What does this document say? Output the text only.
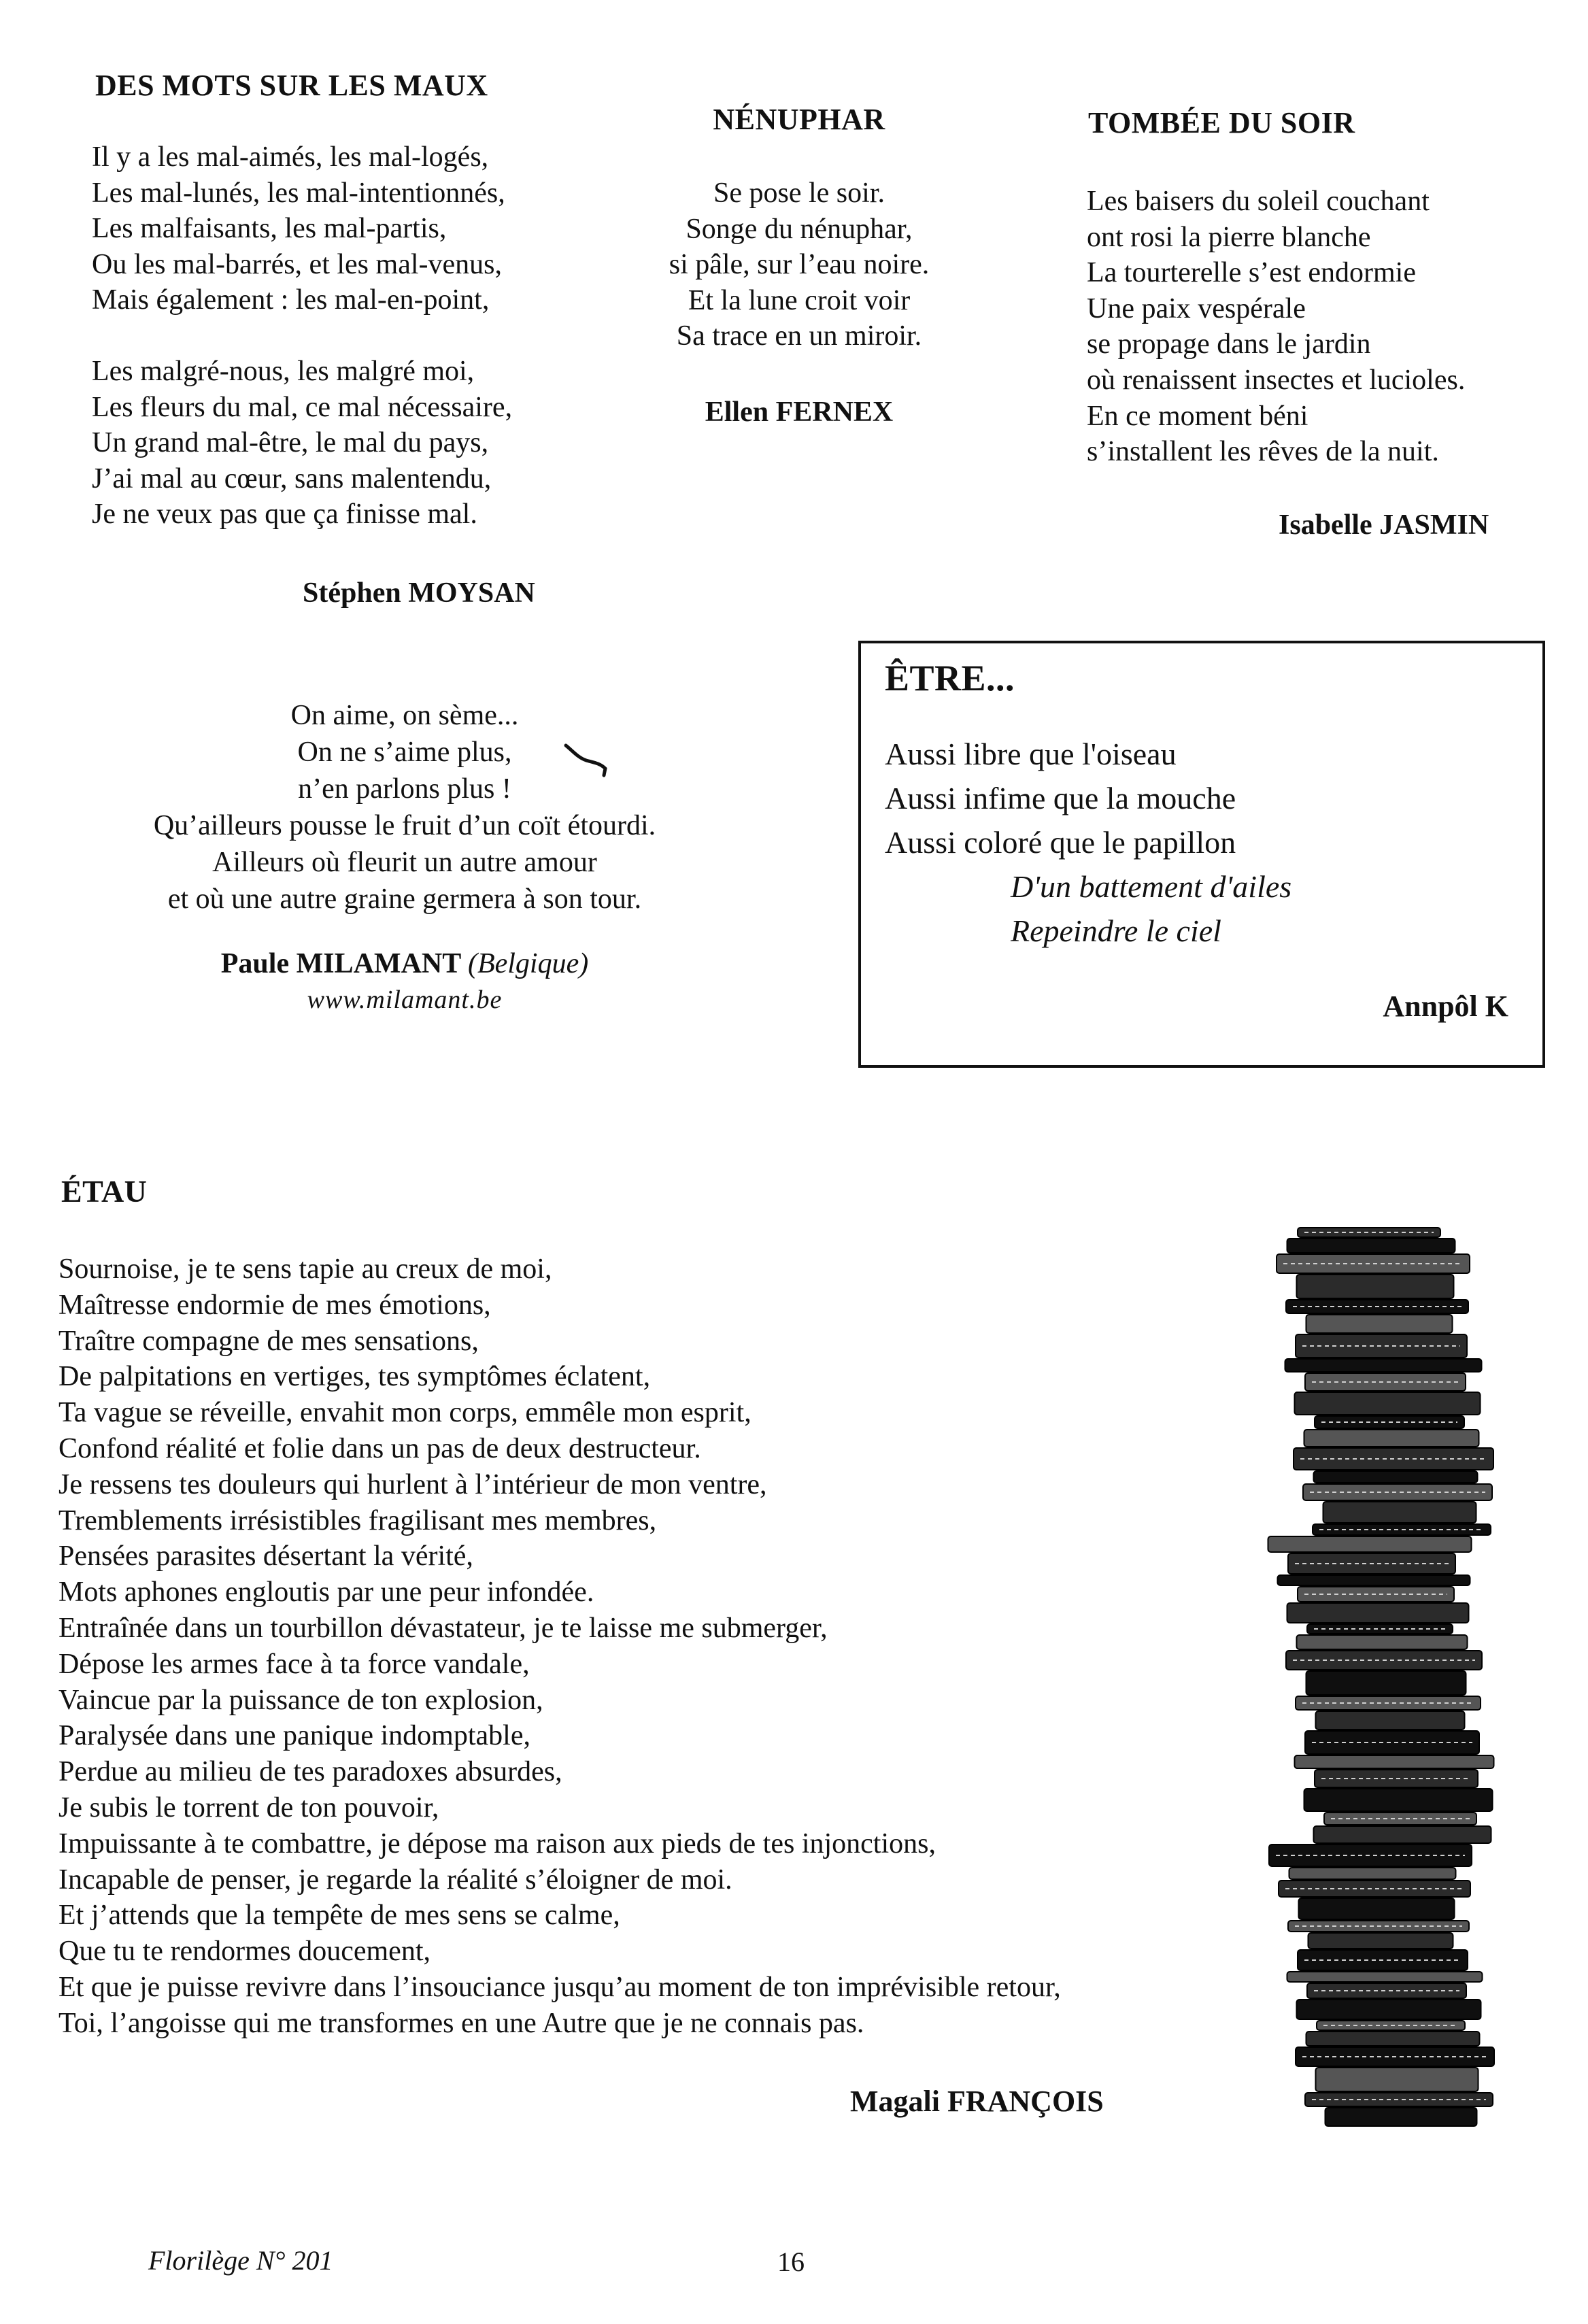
DES MOTS SUR LES MAUX
Il y a les mal-aimés, les mal-logés,
Les mal-lunés, les mal-intentionnés,
Les malfaisants, les mal-partis,
Ou les mal-barrés, et les mal-venus,
Mais également : les mal-en-point,
Les malgré-nous, les malgré moi,
Les fleurs du mal, ce mal nécessaire,
Un grand mal-être, le mal du pays,
J’ai mal au cœur, sans malentendu,
Je ne veux pas que ça finisse mal.
Stéphen MOYSAN
NÉNUPHAR
Se pose le soir.
Songe du nénuphar,
si pâle, sur l’eau noire.
Et la lune croit voir
Sa trace en un miroir.
Ellen FERNEX
TOMBÉE DU SOIR
Les baisers du soleil couchant
ont rosi la pierre blanche
La tourterelle s’est endormie
Une paix vespérale
se propage dans le jardin
où renaissent insectes et lucioles.
En ce moment béni
s’installent les rêves de la nuit.
Isabelle JASMIN
On aime, on sème...
On ne s’aime plus,
n’en parlons plus !
Qu’ailleurs pousse le fruit d’un coït étourdi.
Ailleurs où fleurit un autre amour
et où une autre graine germera à son tour.
Paule MILAMANT (Belgique)
www.milamant.be
ÊTRE...
Aussi libre que l'oiseau
Aussi infime que la mouche
Aussi coloré que le papillon
D'un battement d'ailes
Repeindre le ciel
Annpôl K
ÉTAU
Sournoise, je te sens tapie au creux de moi,
Maîtresse endormie de mes émotions,
Traître compagne de mes sensations,
De palpitations en vertiges, tes symptômes éclatent,
Ta vague se réveille, envahit mon corps, emmêle mon esprit,
Confond réalité et folie dans un pas de deux destructeur.
Je ressens tes douleurs qui hurlent à l’intérieur de mon ventre,
Tremblements irrésistibles fragilisant mes membres,
Pensées parasites désertant la vérité,
Mots aphones engloutis par une peur infondée.
Entraînée dans un tourbillon dévastateur, je te laisse me submerger,
Dépose les armes face à ta force vandale,
Vaincue par la puissance de ton explosion,
Paralysée dans une panique indomptable,
Perdue au milieu de tes paradoxes absurdes,
Je subis le torrent de ton pouvoir,
Impuissante à te combattre, je dépose ma raison aux pieds de tes injonctions,
Incapable de penser, je regarde la réalité s’éloigner de moi.
Et j’attends que la tempête de mes sens se calme,
Que tu te rendormes doucement,
Et que je puisse revivre dans l’insouciance jusqu’au moment de ton imprévisible retour,
Toi, l’angoisse qui me transformes en une Autre que je ne connais pas.
Magali FRANÇOIS
Florilège N° 201	16
